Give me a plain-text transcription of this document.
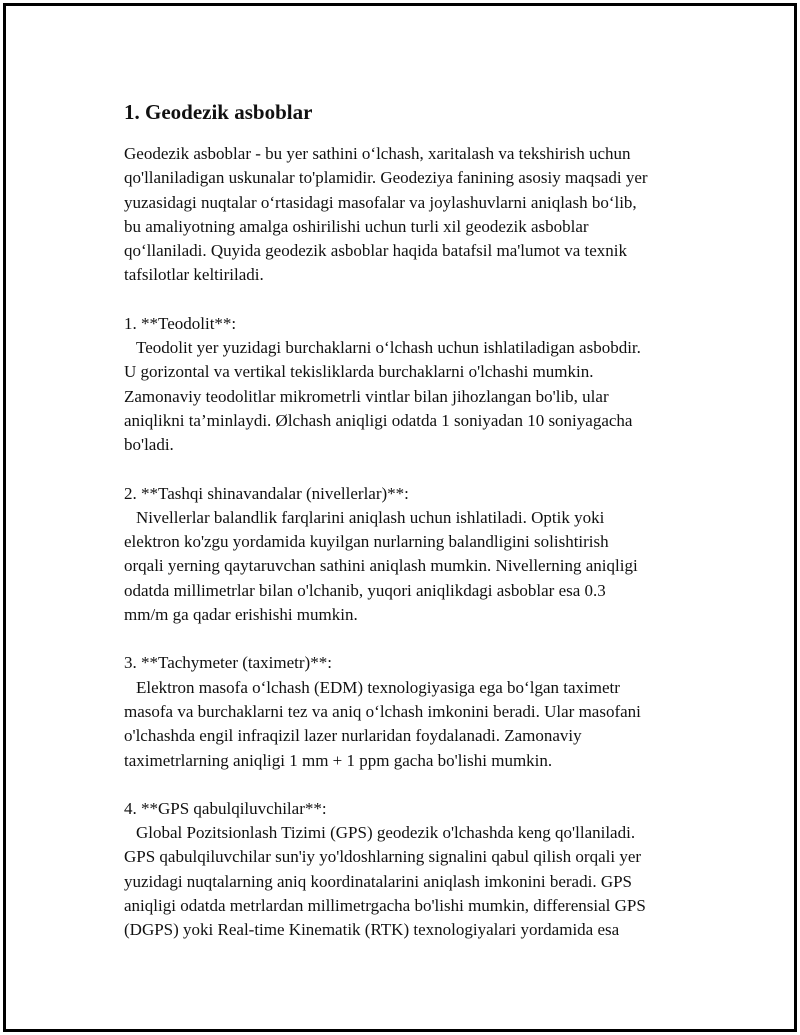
1. Geodezik asboblar

Geodezik asboblar - bu yer sathini o‘lchash, xaritalash va tekshirish uchun
qo'llaniladigan uskunalar to'plamidir. Geodeziya fanining asosiy maqsadi yer
yuzasidagi nuqtalar o‘rtasidagi masofalar va joylashuvlarni aniqlash bo‘lib,
bu amaliyotning amalga oshirilishi uchun turli xil geodezik asboblar
qo‘llaniladi. Quyida geodezik asboblar haqida batafsil ma'lumot va texnik
tafsilotlar keltiriladi.

1. **Teodolit**:

Teodolit yer yuzidagi burchaklarni o‘lchash uchun ishlatiladigan asbobdir.
U gorizontal va vertikal tekisliklarda burchaklarni o'lchashi mumkin.
Zamonaviy teodolitlar mikrometrli vintlar bilan jihozlangan bo'lib, ular
aniqlikni ta’minlaydi. Ølchash aniqligi odatda 1 soniyadan 10 soniyagacha
bo'ladi.

2. **Tashqi shinavandalar (nivellerlar)**:

Nivellerlar balandlik farqlarini aniqlash uchun ishlatiladi. Optik yoki
elektron ko'zgu yordamida kuyilgan nurlarning balandligini solishtirish
orqali yerning qaytaruvchan sathini aniqlash mumkin. Nivellerning aniqligi
odatda millimetrlar bilan o'lchanib, yuqori aniqlikdagi asboblar esa 0.3
mm/m ga qadar erishishi mumkin.

3. **Tachymeter (taximetr)**:

Elektron masofa o‘lchash (EDM) texnologiyasiga ega bo‘lgan taximetr
masofa va burchaklarni tez va aniq o‘lchash imkonini beradi. Ular masofani
o'lchashda engil infraqizil lazer nurlaridan foydalanadi. Zamonaviy
taximetrlarning aniqligi 1 mm + 1 ppm gacha bo'lishi mumkin.

4. **GPS qabulqiluvchilar**:

Global Pozitsionlash Tizimi (GPS) geodezik o'lchashda keng qo'llaniladi.
GPS qabulqiluvchilar sun'iy yo'ldoshlarning signalini qabul qilish orqali yer
yuzidagi nuqtalarning aniq koordinatalarini aniqlash imkonini beradi. GPS
aniqligi odatda metrlardan millimetrgacha bo'lishi mumkin, differensial GPS
(DGPS) yoki Real-time Kinematik (RTK) texnologiyalari yordamida esa
